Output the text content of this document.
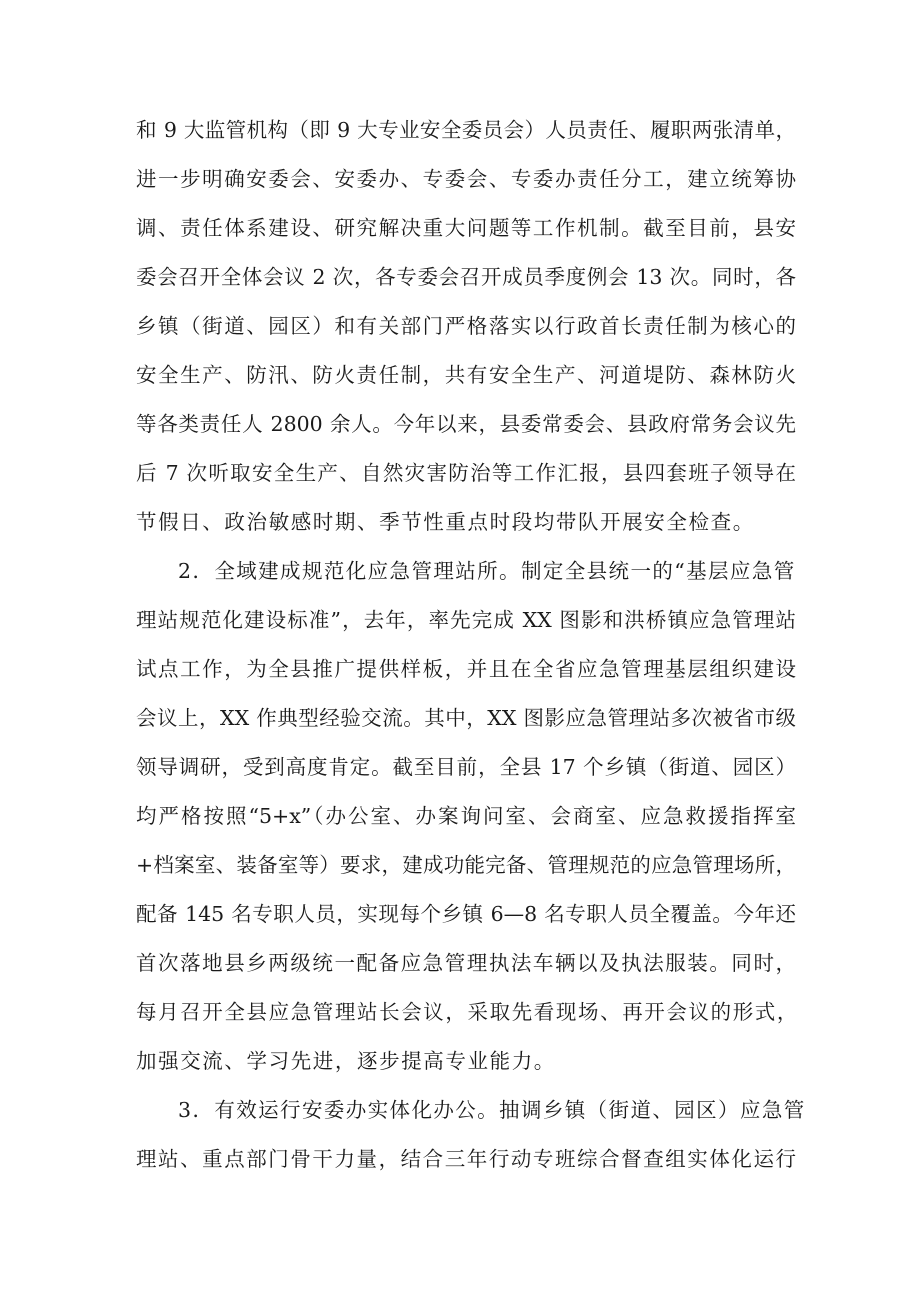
和 9 大监管机构（即 9 大专业安全委员会）人员责任、履职两张清单，
进一步明确安委会、安委办、专委会、专委办责任分工，建立统筹协
调、责任体系建设、研究解决重大问题等工作机制。截至目前，县安
委会召开全体会议 2 次，各专委会召开成员季度例会 13 次。同时，各
乡镇（街道、园区）和有关部门严格落实以行政首长责任制为核心的
安全生产、防汛、防火责任制，共有安全生产、河道堤防、森林防火
等各类责任人 2800 余人。今年以来，县委常委会、县政府常务会议先
后 7 次听取安全生产、自然灾害防治等工作汇报，县四套班子领导在
节假日、政治敏感时期、季节性重点时段均带队开展安全检查。
2．全域建成规范化应急管理站所。制定全县统一的“基层应急管
理站规范化建设标准”，去年，率先完成 XX 图影和洪桥镇应急管理站
试点工作，为全县推广提供样板，并且在全省应急管理基层组织建设
会议上，XX 作典型经验交流。其中，XX 图影应急管理站多次被省市级
领导调研，受到高度肯定。截至目前，全县 17 个乡镇（街道、园区）
均严格按照“5+x”（办公室、办案询问室、会商室、应急救援指挥室
+档案室、装备室等）要求，建成功能完备、管理规范的应急管理场所，
配备 145 名专职人员，实现每个乡镇 6—8 名专职人员全覆盖。今年还
首次落地县乡两级统一配备应急管理执法车辆以及执法服装。同时，
每月召开全县应急管理站长会议，采取先看现场、再开会议的形式，
加强交流、学习先进，逐步提高专业能力。
3．有效运行安委办实体化办公。抽调乡镇（街道、园区）应急管
理站、重点部门骨干力量，结合三年行动专班综合督查组实体化运行
